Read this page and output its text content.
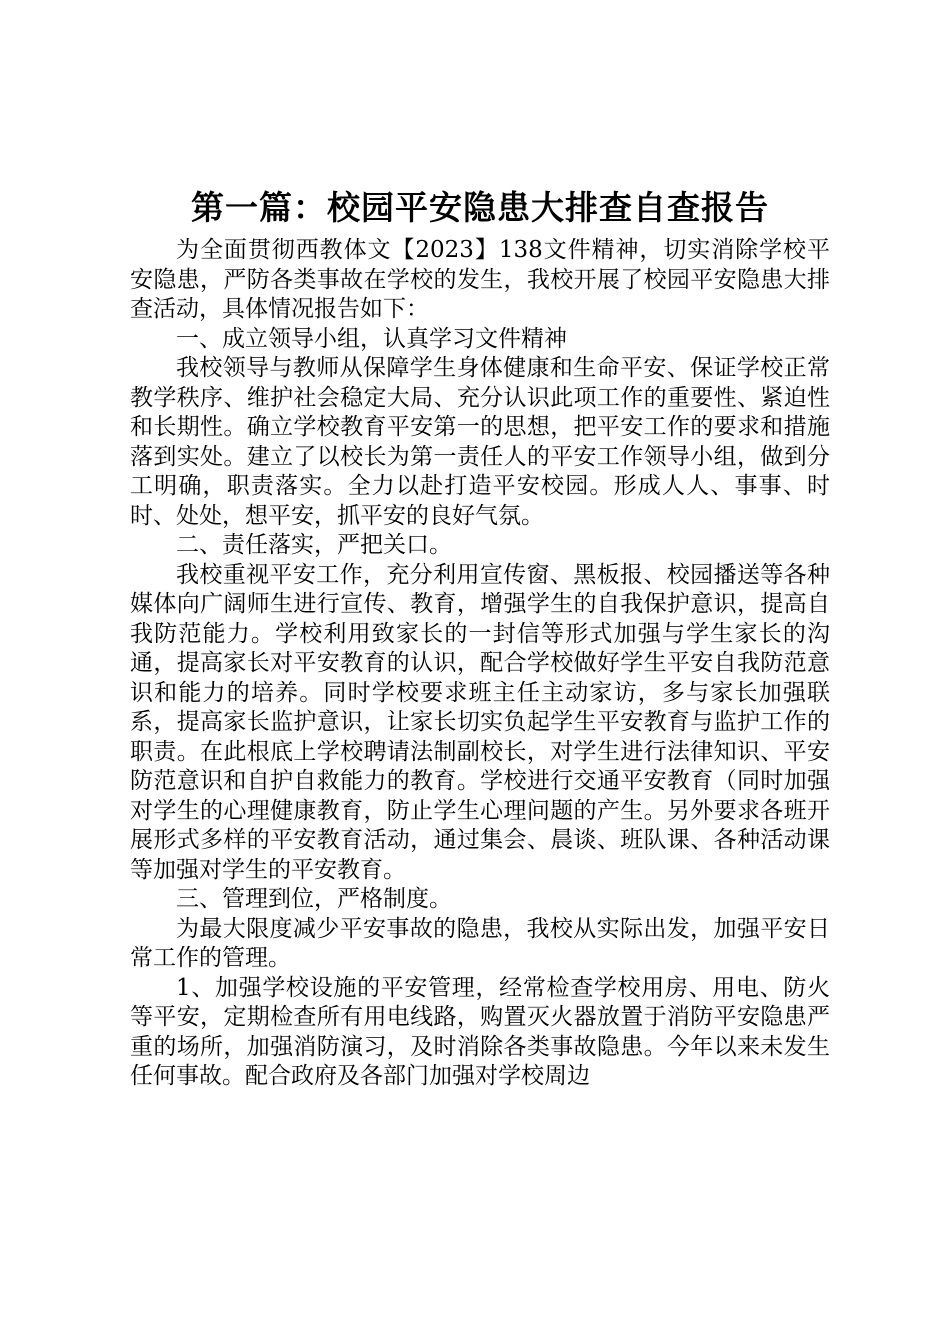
第一篇：校园平安隐患大排查自查报告

为全面贯彻西教体文【2023】138文件精神，切实消除学校平安隐患，严防各类事故在学校的发生，我校开展了校园平安隐患大排查活动，具体情况报告如下：

一、成立领导小组，认真学习文件精神

我校领导与教师从保障学生身体健康和生命平安、保证学校正常教学秩序、维护社会稳定大局、充分认识此项工作的重要性、紧迫性和长期性。确立学校教育平安第一的思想，把平安工作的要求和措施落到实处。建立了以校长为第一责任人的平安工作领导小组，做到分工明确，职责落实。全力以赴打造平安校园。形成人人、事事、时时、处处，想平安，抓平安的良好气氛。

二、责任落实，严把关口。

我校重视平安工作，充分利用宣传窗、黑板报、校园播送等各种媒体向广阔师生进行宣传、教育，增强学生的自我保护意识，提高自我防范能力。学校利用致家长的一封信等形式加强与学生家长的沟通，提高家长对平安教育的认识，配合学校做好学生平安自我防范意识和能力的培养。同时学校要求班主任主动家访，多与家长加强联系，提高家长监护意识，让家长切实负起学生平安教育与监护工作的职责。在此根底上学校聘请法制副校长，对学生进行法律知识、平安防范意识和自护自救能力的教育。学校进行交通平安教育（同时加强对学生的心理健康教育，防止学生心理问题的产生。另外要求各班开展形式多样的平安教育活动，通过集会、晨谈、班队课、各种活动课等加强对学生的平安教育。

三、管理到位，严格制度。

为最大限度减少平安事故的隐患，我校从实际出发，加强平安日常工作的管理。

1、加强学校设施的平安管理，经常检查学校用房、用电、防火等平安，定期检查所有用电线路，购置灭火器放置于消防平安隐患严重的场所，加强消防演习，及时消除各类事故隐患。今年以来未发生任何事故。配合政府及各部门加强对学校周边
